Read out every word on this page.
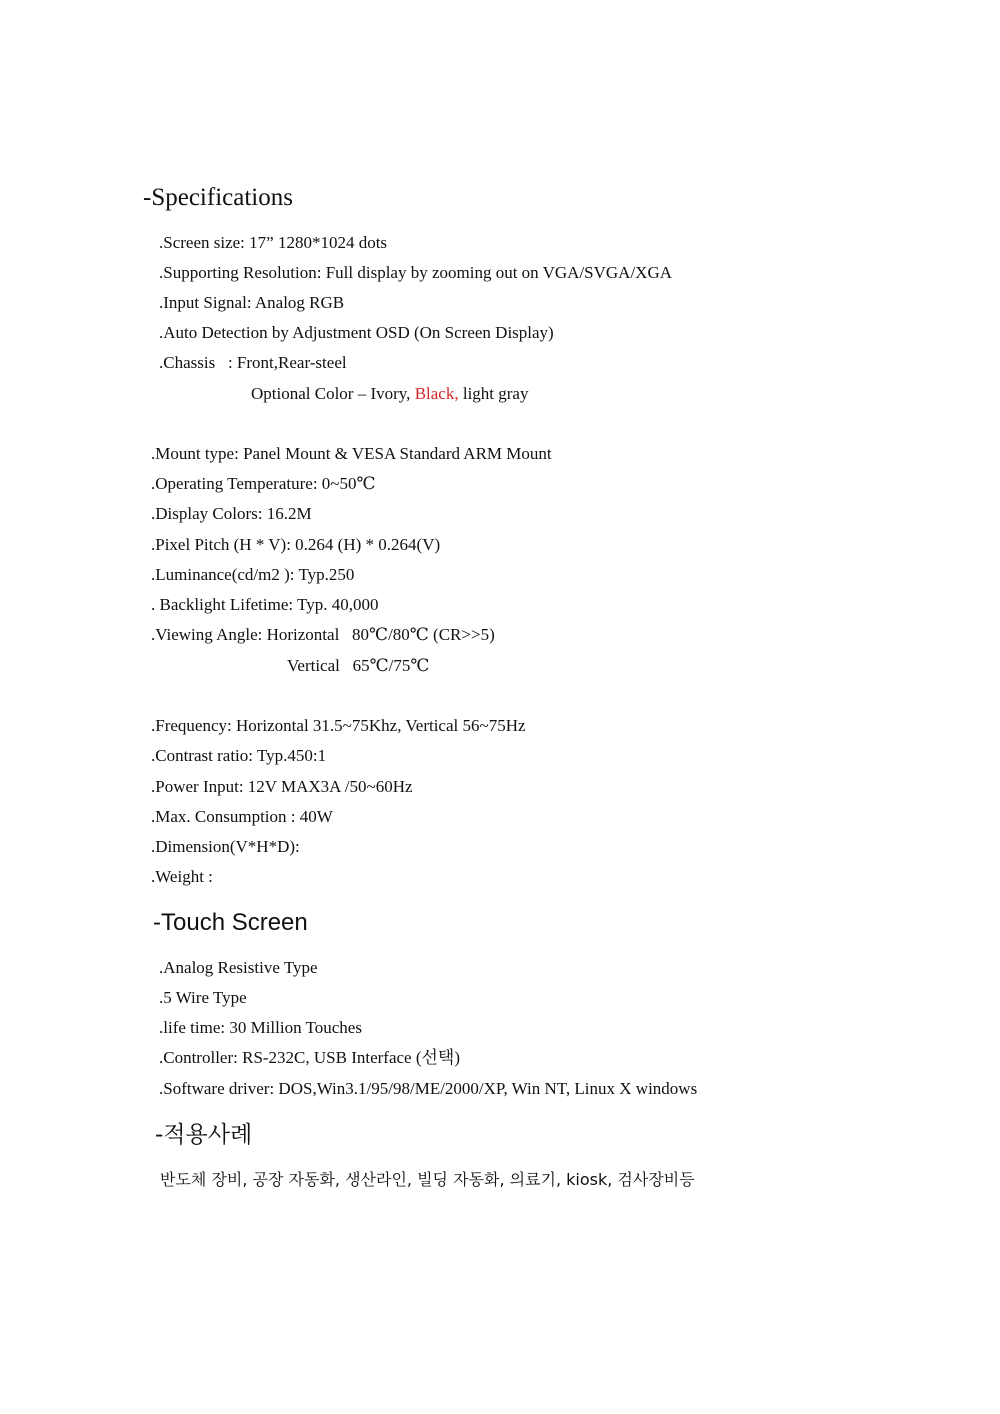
-Specifications
.Screen size: 17” 1280*1024 dots
.Supporting Resolution: Full display by zooming out on VGA/SVGA/XGA
.Input Signal: Analog RGB
.Auto Detection by Adjustment OSD (On Screen Display)
.Chassis   : Front,Rear-steel
Optional Color – Ivory, Black, light gray
.Mount type: Panel Mount & VESA Standard ARM Mount
.Operating Temperature: 0~50℃
.Display Colors: 16.2M
.Pixel Pitch (H * V): 0.264 (H) * 0.264(V)
.Luminance(cd/m2 ): Typ.250
. Backlight Lifetime: Typ. 40,000
.Viewing Angle: Horizontal   80℃/80℃ (CR>>5)
Vertical   65℃/75℃
.Frequency: Horizontal 31.5~75Khz, Vertical 56~75Hz
.Contrast ratio: Typ.450:1
.Power Input: 12V MAX3A /50~60Hz
.Max. Consumption : 40W
.Dimension(V*H*D):
.Weight :
-Touch Screen
.Analog Resistive Type
.5 Wire Type
.life time: 30 Million Touches
.Controller: RS-232C, USB Interface (선택)
.Software driver: DOS,Win3.1/95/98/ME/2000/XP, Win NT, Linux X windows
-적용사례
반도체 장비, 공장 자동화, 생산라인, 빌딩 자동화, 의료기, kiosk, 검사장비등
